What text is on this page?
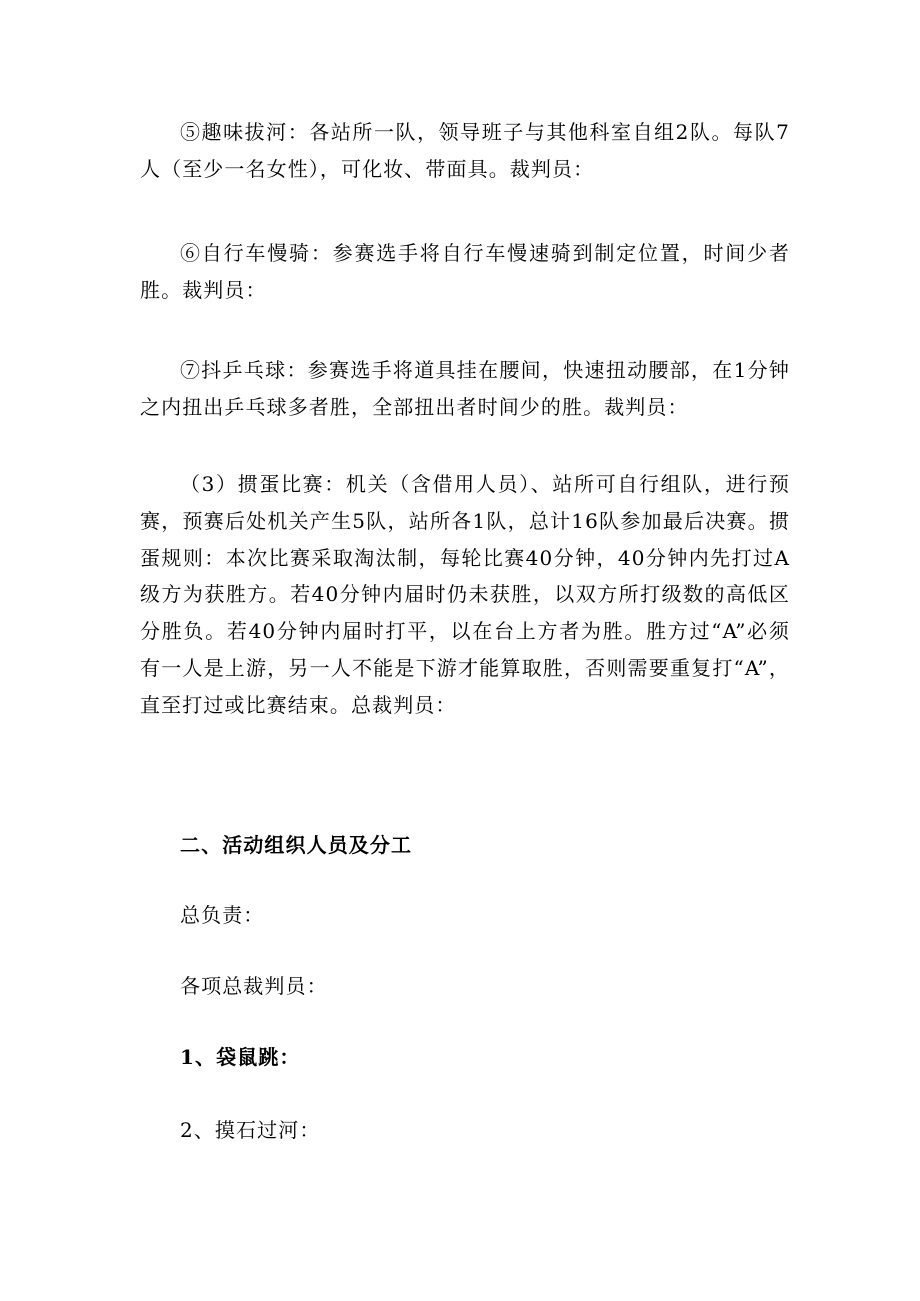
⑤趣味拔河：各站所一队，领导班子与其他科室自组2队。每队7人（至少一名女性），可化妆、带面具。裁判员：

⑥自行车慢骑：参赛选手将自行车慢速骑到制定位置，时间少者胜。裁判员：

⑦抖乒乓球：参赛选手将道具挂在腰间，快速扭动腰部，在1分钟之内扭出乒乓球多者胜，全部扭出者时间少的胜。裁判员：

（3）掼蛋比赛：机关（含借用人员）、站所可自行组队，进行预赛，预赛后处机关产生5队，站所各1队，总计16队参加最后决赛。掼蛋规则：本次比赛采取淘汰制，每轮比赛40分钟，40分钟内先打过A级方为获胜方。若40分钟内届时仍未获胜，以双方所打级数的高低区分胜负。若40分钟内届时打平，以在台上方者为胜。胜方过“A”必须有一人是上游，另一人不能是下游才能算取胜，否则需要重复打“A”，直至打过或比赛结束。总裁判员：

二、活动组织人员及分工

总负责：

各项总裁判员：

1、袋鼠跳：

2、摸石过河：
